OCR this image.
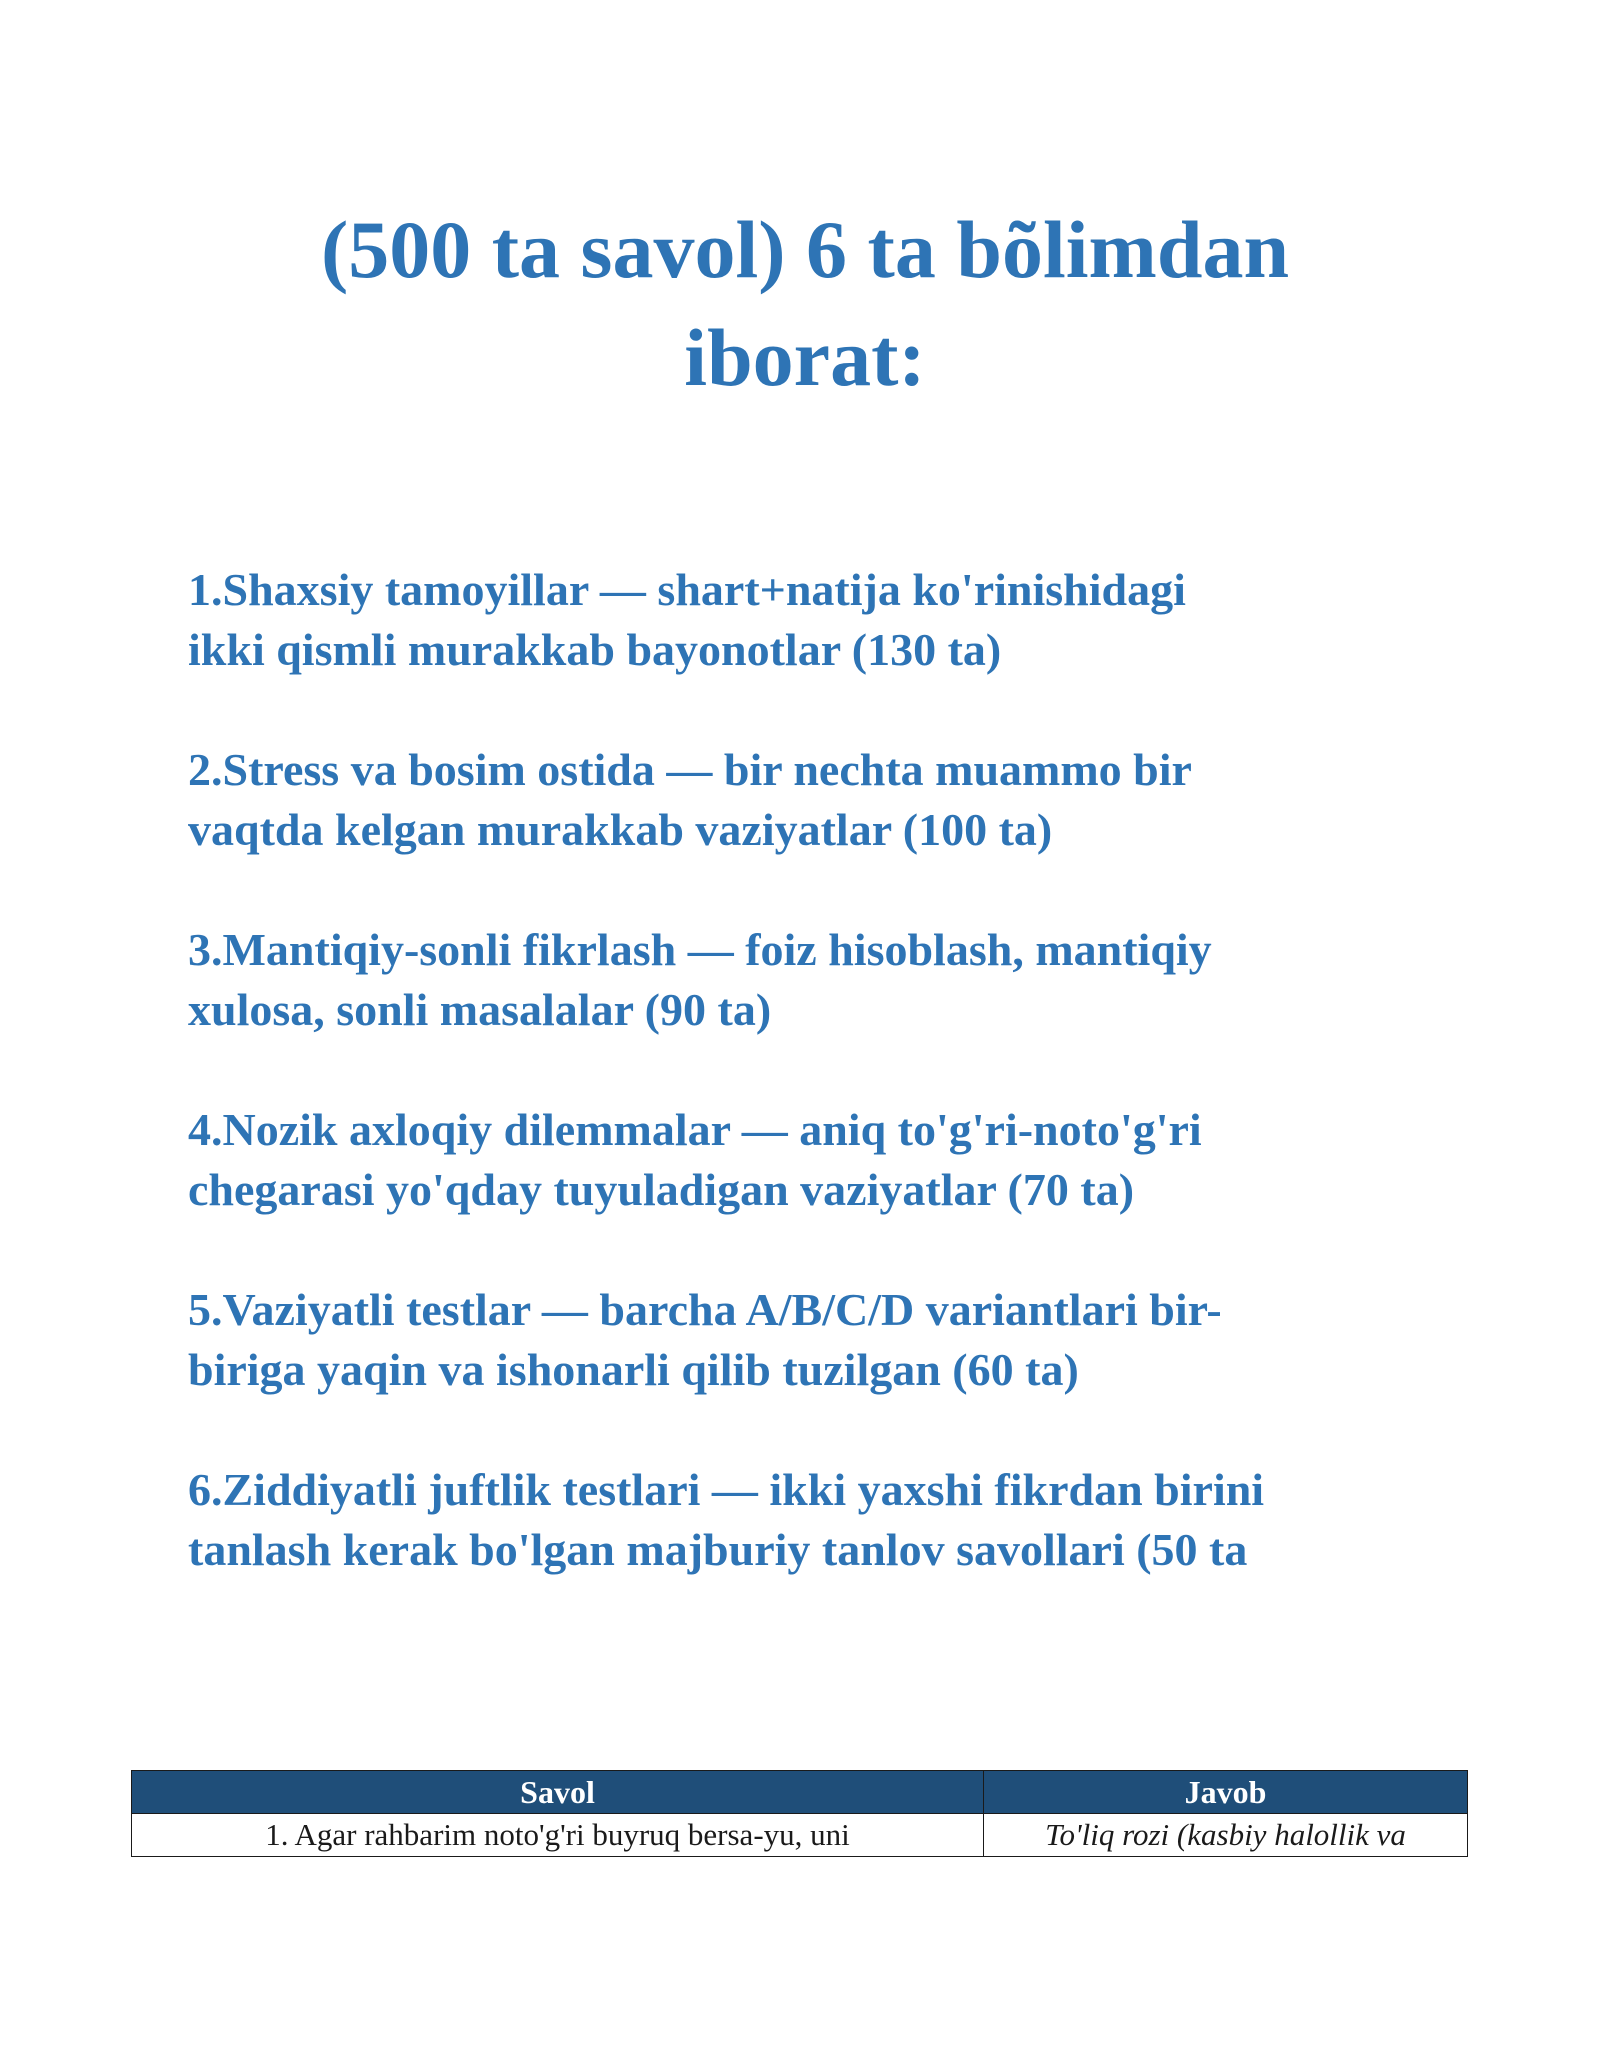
(500 ta savol) 6 ta bõlimdan
iborat:
1.Shaxsiy tamoyillar — shart+natija ko'rinishidagi
ikki qismli murakkab bayonotlar (130 ta)
2.Stress va bosim ostida — bir nechta muammo bir
vaqtda kelgan murakkab vaziyatlar (100 ta)
3.Mantiqiy-sonli fikrlash — foiz hisoblash, mantiqiy
xulosa, sonli masalalar (90 ta)
4.Nozik axloqiy dilemmalar — aniq to'g'ri-noto'g'ri
chegarasi yo'qday tuyuladigan vaziyatlar (70 ta)
5.Vaziyatli testlar — barcha A/B/C/D variantlari bir-
biriga yaqin va ishonarli qilib tuzilgan (60 ta)
6.Ziddiyatli juftlik testlari — ikki yaxshi fikrdan birini
tanlash kerak bo'lgan majburiy tanlov savollari (50 ta
Savol	Javob
1. Agar rahbarim noto'g'ri buyruq bersa-yu, uni	To'liq rozi (kasbiy halollik va
